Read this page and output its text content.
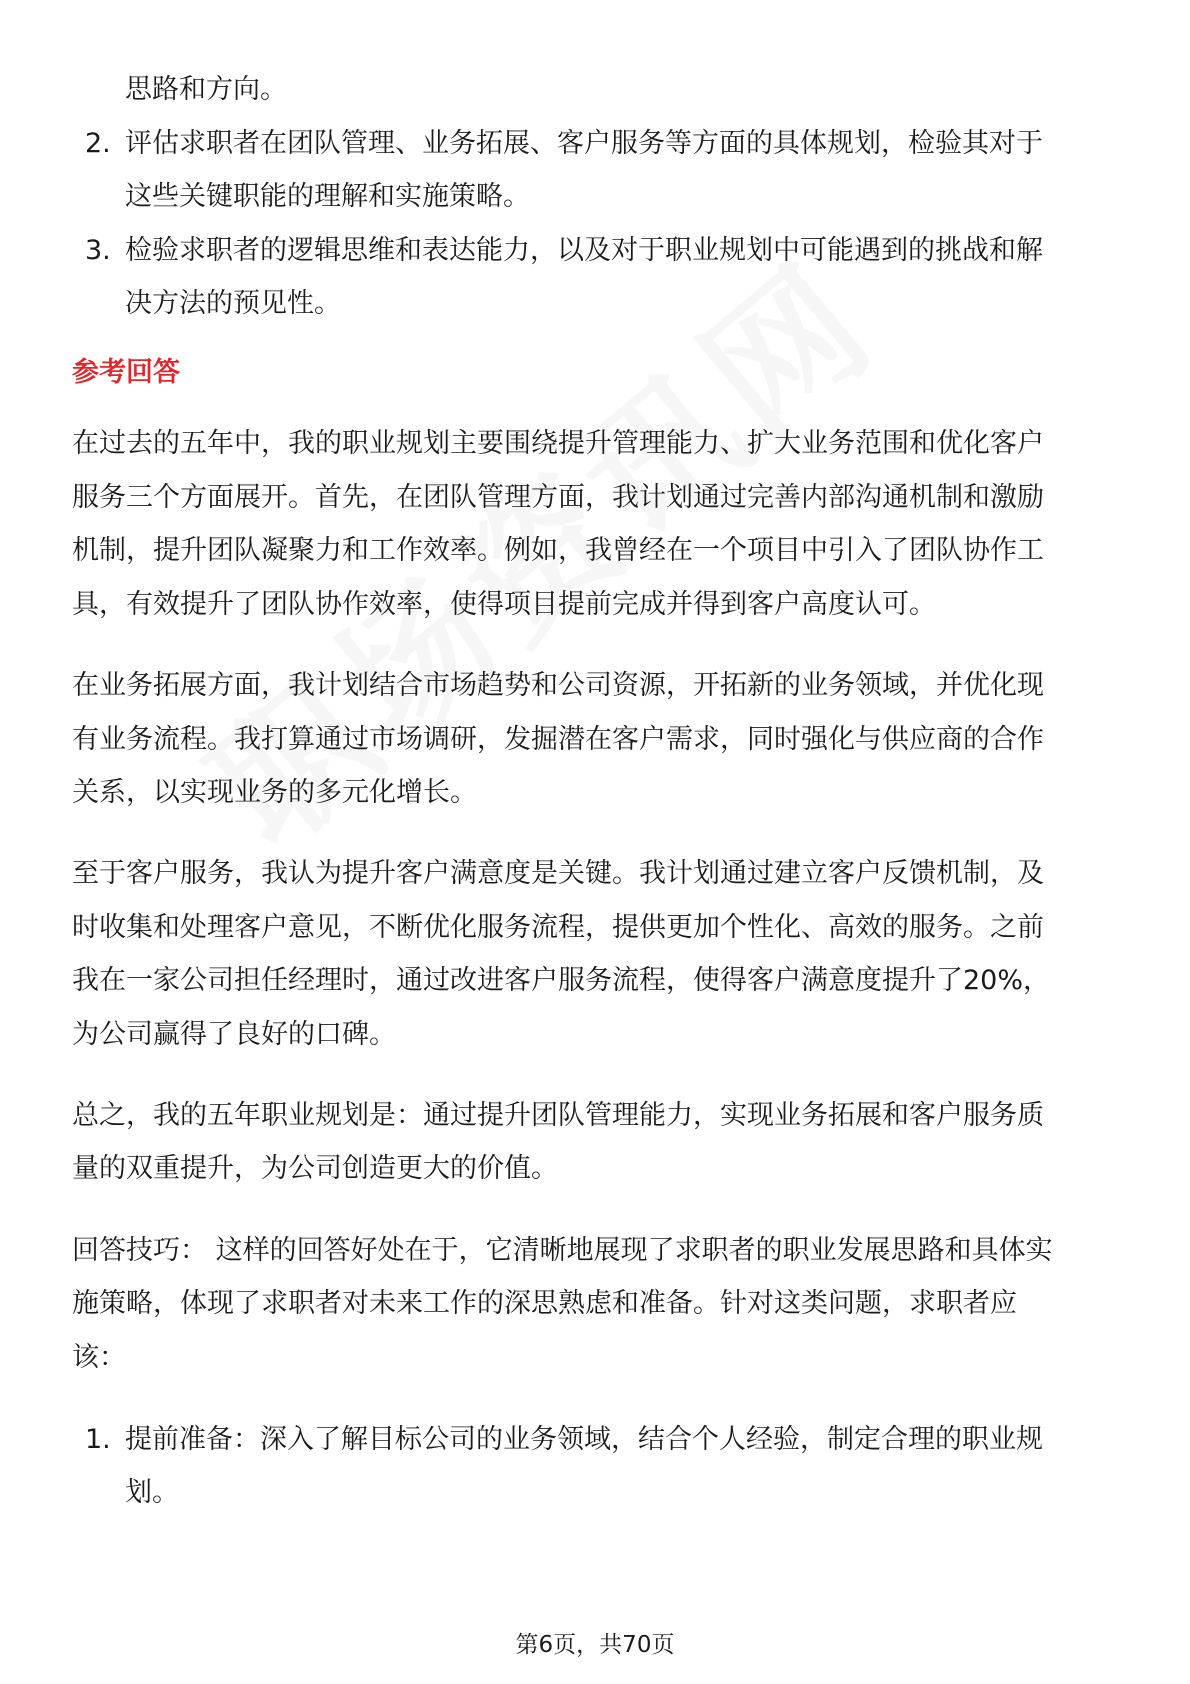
思路和方向。
2. 评估求职者在团队管理、业务拓展、客户服务等方面的具体规划，检验其对于
这些关键职能的理解和实施策略。
3. 检验求职者的逻辑思维和表达能力，以及对于职业规划中可能遇到的挑战和解
决方法的预见性。
参考回答
在过去的五年中，我的职业规划主要围绕提升管理能力、扩大业务范围和优化客户
服务三个方面展开。首先，在团队管理方面，我计划通过完善内部沟通机制和激励
机制，提升团队凝聚力和工作效率。例如，我曾经在一个项目中引入了团队协作工
具，有效提升了团队协作效率，使得项目提前完成并得到客户高度认可。
在业务拓展方面，我计划结合市场趋势和公司资源，开拓新的业务领域，并优化现
有业务流程。我打算通过市场调研，发掘潜在客户需求，同时强化与供应商的合作
关系，以实现业务的多元化增长。
至于客户服务，我认为提升客户满意度是关键。我计划通过建立客户反馈机制，及
时收集和处理客户意见，不断优化服务流程，提供更加个性化、高效的服务。之前
我在一家公司担任经理时，通过改进客户服务流程，使得客户满意度提升了20%，
为公司赢得了良好的口碑。
总之，我的五年职业规划是：通过提升团队管理能力，实现业务拓展和客户服务质
量的双重提升，为公司创造更大的价值。
回答技巧： 这样的回答好处在于，它清晰地展现了求职者的职业发展思路和具体实
施策略，体现了求职者对未来工作的深思熟虑和准备。针对这类问题，求职者应
该：
1. 提前准备：深入了解目标公司的业务领域，结合个人经验，制定合理的职业规
划。
第6页，共70页
